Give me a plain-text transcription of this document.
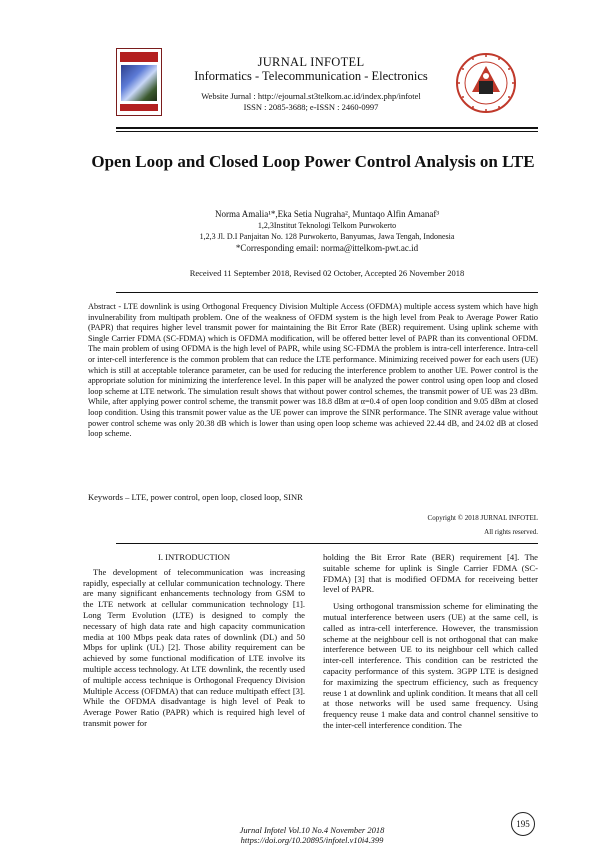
JURNAL INFOTEL
Informatics - Telecommunication - Electronics
Website Jurnal : http://ejournal.st3telkom.ac.id/index.php/infotel
ISSN : 2085-3688; e-ISSN : 2460-0997
Open Loop and Closed Loop Power Control Analysis on LTE
Norma Amalia¹*,Eka Setia Nugraha², Muntaqo Alfin Amanaf³
1,2,3Institut Teknologi Telkom Purwokerto
1,2,3 Jl. D.I Panjaitan No. 128 Purwokerto, Banyumas, Jawa Tengah, Indonesia
*Corresponding email: norma@ittelkom-pwt.ac.id
Received 11 September 2018, Revised 02 October, Accepted 26 November 2018
Abstract - LTE downlink is using Orthogonal Frequency Division Multiple Access (OFDMA) multiple access system which have high invulnerability from multipath problem. One of the weakness of OFDM system is the high level from Peak to Average Power Ratio (PAPR) that requires higher level transmit power for maintaining the Bit Error Rate (BER) requirement. Using uplink scheme with Single Carrier FDMA (SC-FDMA) which is OFDMA modification, will be offered better level of PAPR than its conventional OFDM. The main problem of using OFDMA is the high level of PAPR, while using SC-FDMA the problem is intra-cell interference. Intra-cell or inter-cell interference is the common problem that can reduce the LTE performance. Minimizing received power for each users (UE) which is still at acceptable tolerance parameter, can be used for reducing the interference problem to another UE. Power control is the appropriate solution for minimizing the interference level. In this paper will be analyzed the power control using open loop and closed loop scheme at LTE network. The simulation result shows that without power control schemes, the transmit power of UE was 23 dBm. While, after applying power control scheme, the transmit power was 18.8 dBm at α=0.4 of open loop condition and 9.05 dBm at closed loop condition. Using this transmit power value as the UE power can improve the SINR performance. The SINR average value without power control scheme was only 20.38 dB which is lower than using open loop scheme was achieved 22.44 dB, and 24.02 dB at closed loop scheme.
Keywords – LTE, power control, open loop, closed loop, SINR
Copyright © 2018 JURNAL INFOTEL
All rights reserved.
I. INTRODUCTION

The development of telecommunication was increasing rapidly, especially at cellular communication technology. There are many significant enhancements technology from GSM to the LTE network at cellular communication technology [1]. Long Term Evolution (LTE) is designed to comply the necessary of high data rate and high capacity communication media at 100 Mbps peak data rates of downlink (DL) and 50 Mbps for uplink (UL) [2]. Those ability requirement can be achieved by some functional modification of LTE involve its multiple access technology. At LTE downlink, the recently used of multiple access technique is Orthogonal Frequency Division Multiple Access (OFDMA) that can reduce multipath effect [3]. While the OFDMA disadvantage is high level of Peak to Average Power Ratio (PAPR) which is required high level of transmit power for

holding the Bit Error Rate (BER) requirement [4]. The suitable scheme for uplink is Single Carrier FDMA (SC-FDMA) [3] that is modified OFDMA for receiveing better level of PAPR.

Using orthogonal transmission scheme for eliminating the mutual interference between users (UE) at the same cell, is called as intra-cell interference. However, the transmission scheme at the neighbour cell is not orthogonal that can make interference between UE to its neighbour cell which called inter-cell interference. This condition can be restricted the capacity performance of this system. 3GPP LTE is designed for maximizing the spectrum efficiency, such as frequency reuse 1 at downlink and uplink condition. It means that all cell at those networks will be used same frequency. Using frequency reuse 1 make data and control channel sensitive to the inter-cell interference condition. The

195
Jurnal Infotel Vol.10 No.4 November 2018
https://doi.org/10.20895/infotel.v10i4.399
